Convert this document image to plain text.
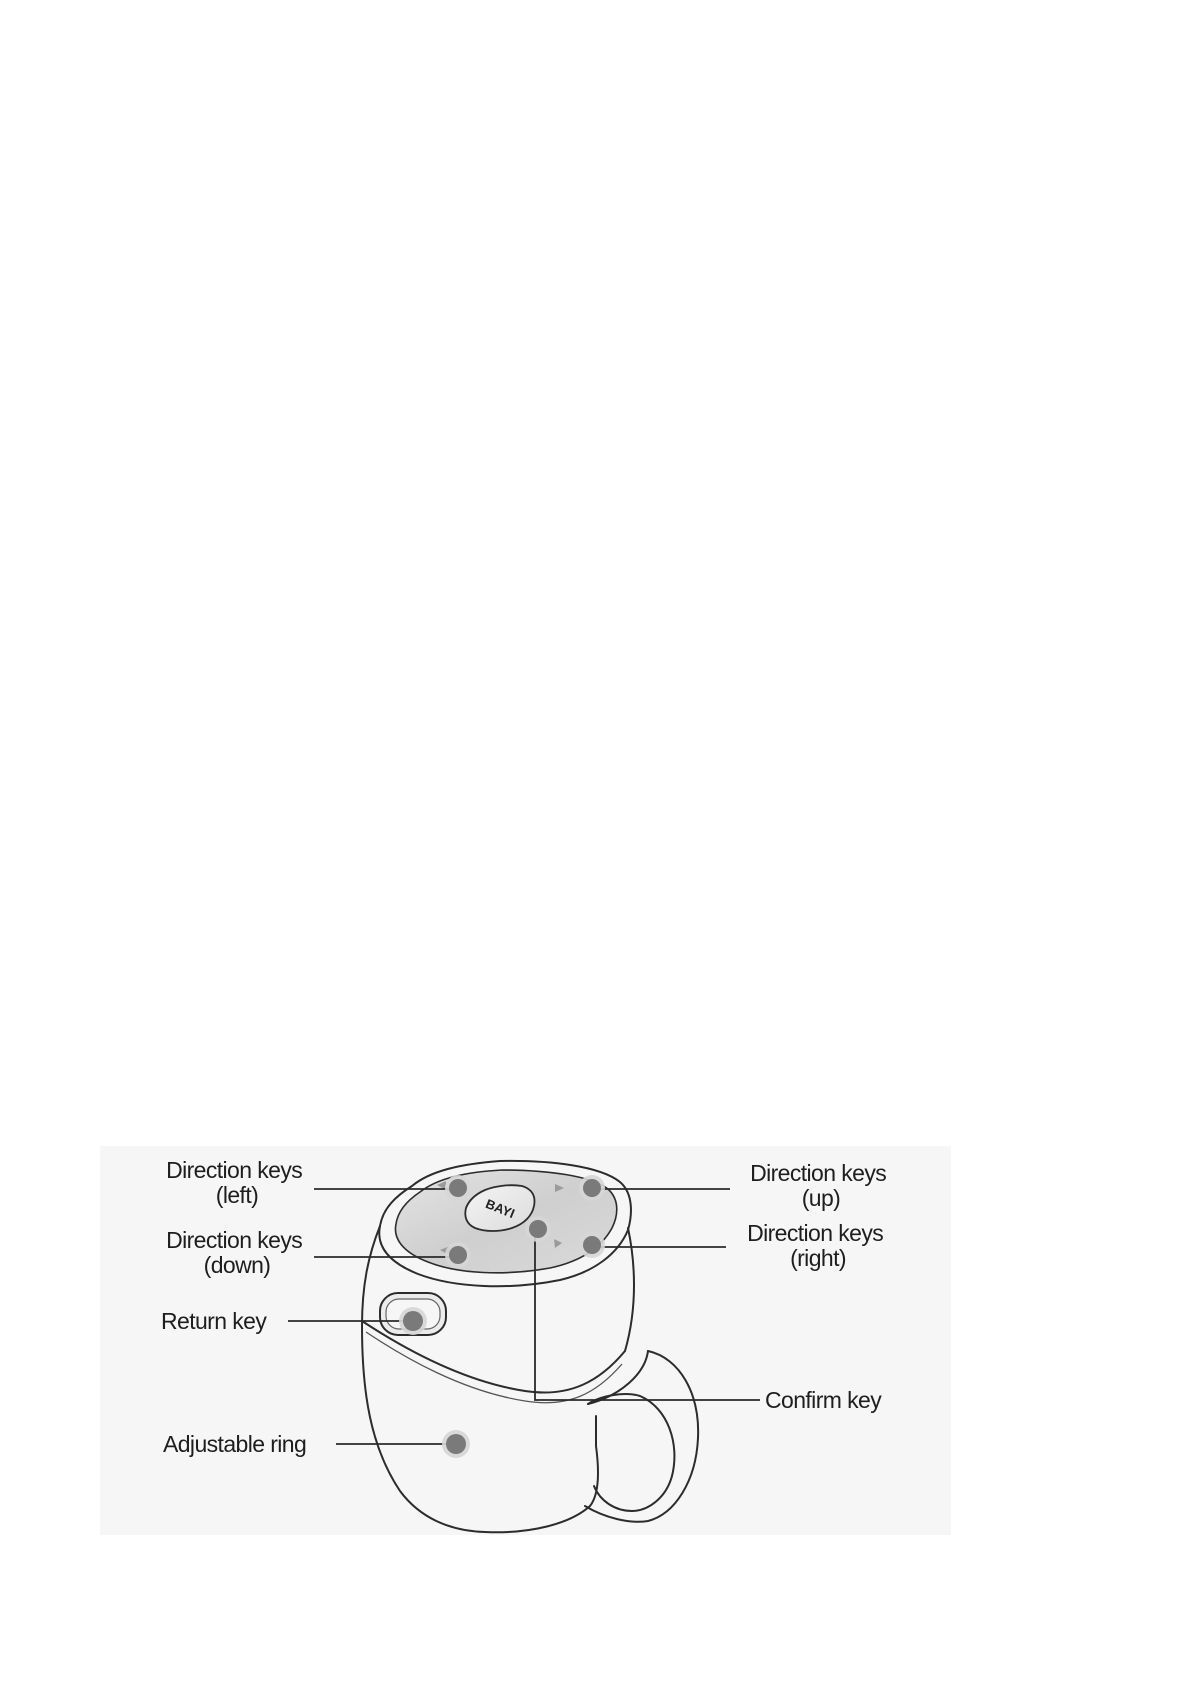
BAYI
Direction keys (left)
Direction keys (up)
Direction keys (down)
Direction keys (right)
Return key
Confirm key
Adjustable ring
